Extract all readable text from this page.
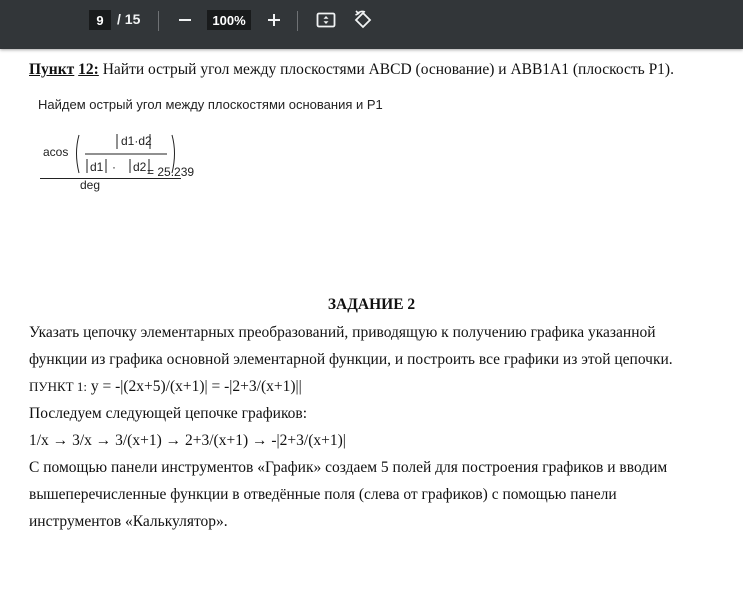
9 / 15	100%
Пункт 12: Найти острый угол между плоскостями ABCD (основание) и ABB1A1 (плоскость P1).
Найдем острый угол между плоскостями основания и P1
acos
d1·d2
d1 · d2
deg
= 25.239
ЗАДАНИЕ 2
Указать цепочку элементарных преобразований, приводящую к получению графика указанной
функции из графика основной элементарной функции, и построить все графики из этой цепочки.
ПУНКТ 1: y = -|(2x+5)/(x+1)| = -|2+3/(x+1)||
Последуем следующей цепочке графиков:
1/x → 3/x → 3/(x+1) → 2+3/(x+1) → -|2+3/(x+1)|
С помощью панели инструментов «График» создаем 5 полей для построения графиков и вводим
вышеперечисленные функции в отведённые поля (слева от графиков) с помощью панели
инструментов «Калькулятор».
